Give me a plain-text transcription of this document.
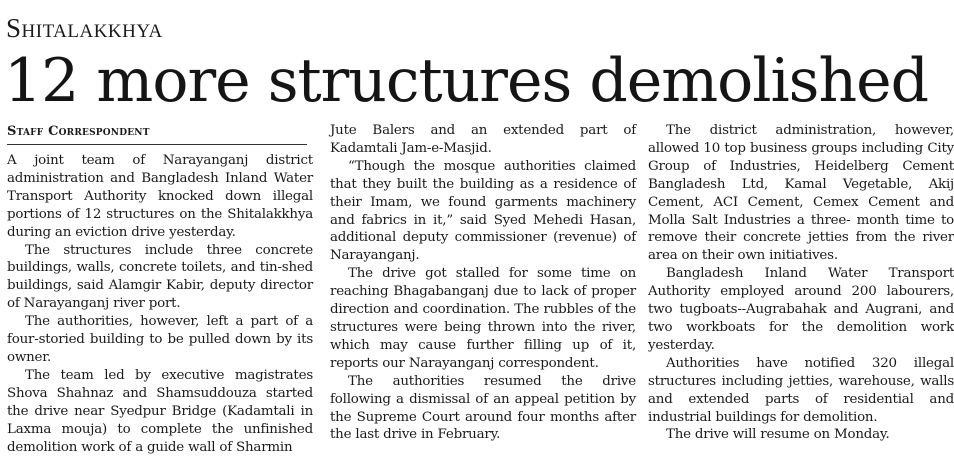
Shitalakkhya
12 more structures demolished
Staff Correspondent

A joint team of Narayanganj district administration and Bangladesh Inland Water Transport Authority knocked down illegal portions of 12 structures on the Shitalakkhya during an eviction drive yesterday.

The structures include three concrete buildings, walls, concrete toilets, and tin-shed buildings, said Alamgir Kabir, deputy director of Narayanganj river port.

The authorities, however, left a part of a four-storied building to be pulled down by its owner.

The team led by executive magistrates Shova Shahnaz and Shamsuddouza started the drive near Syedpur Bridge (Kadamtali in Laxma mouja) to complete the unfinished demolition work of a guide wall of Sharmin

Jute Balers and an extended part of Kadamtali Jam-e-Masjid.

“Though the mosque authorities claimed that they built the building as a residence of their Imam, we found garments machinery and fabrics in it,” said Syed Mehedi Hasan, additional deputy commissioner (revenue) of Narayanganj.

The drive got stalled for some time on reaching Bhagabanganj due to lack of proper direction and coordination. The rubbles of the structures were being thrown into the river, which may cause further filling up of it, reports our Narayanganj correspondent.

The authorities resumed the drive following a dismissal of an appeal petition by the Supreme Court around four months after the last drive in February.

The district administration, however, allowed 10 top business groups including City Group of Industries, Heidelberg Cement Bangladesh Ltd, Kamal Vegetable, Akij Cement, ACI Cement, Cemex Cement and Molla Salt Industries a three- month time to remove their concrete jetties from the river area on their own initiatives.

Bangladesh Inland Water Transport Authority employed around 200 labourers, two tugboats--Augrabahak and Augrani, and two workboats for the demolition work yesterday.

Authorities have notified 320 illegal structures including jetties, warehouse, walls and extended parts of residential and industrial buildings for demolition.

The drive will resume on Monday.
